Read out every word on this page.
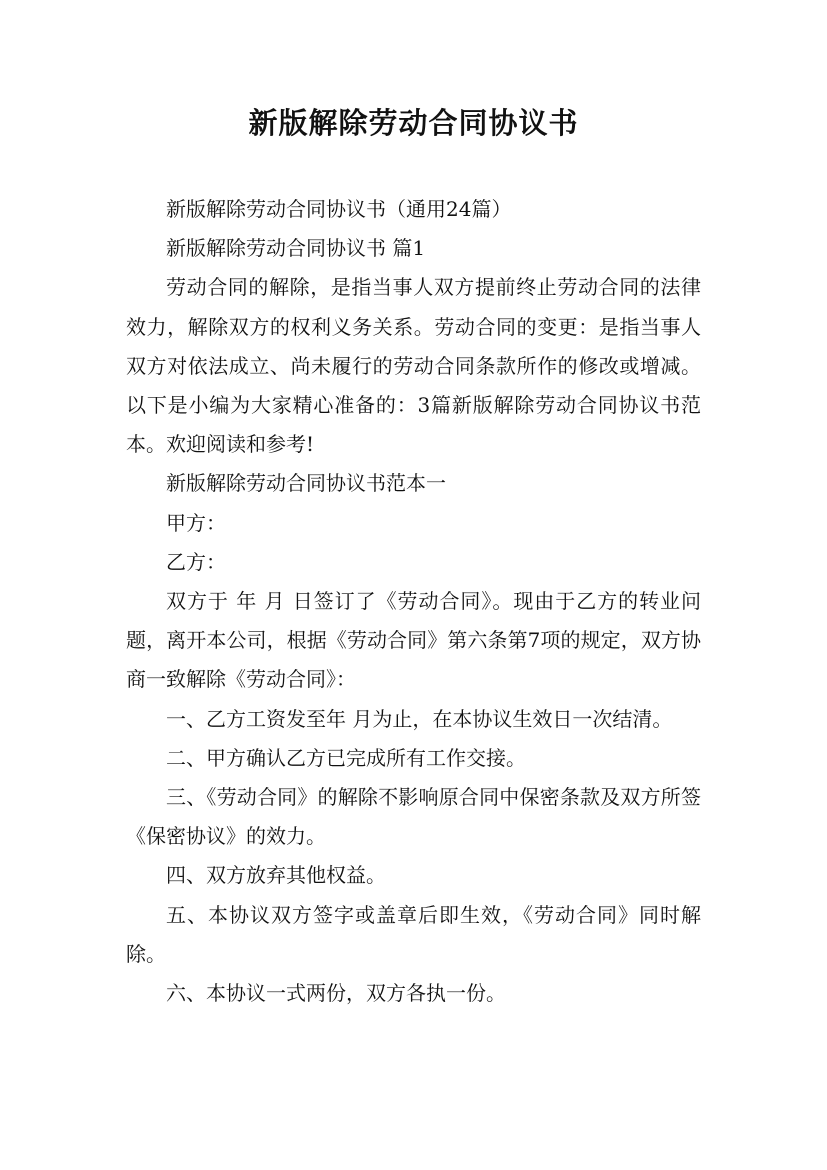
新版解除劳动合同协议书

新版解除劳动合同协议书（通用24篇）

新版解除劳动合同协议书 篇1

劳动合同的解除，是指当事人双方提前终止劳动合同的法律效力，解除双方的权利义务关系。劳动合同的变更：是指当事人双方对依法成立、尚未履行的劳动合同条款所作的修改或增减。以下是小编为大家精心准备的：3篇新版解除劳动合同协议书范本。欢迎阅读和参考!

新版解除劳动合同协议书范本一

甲方：

乙方：

双方于 年 月 日签订了《劳动合同》。现由于乙方的转业问题，离开本公司，根据《劳动合同》第六条第7项的规定，双方协商一致解除《劳动合同》：

一、乙方工资发至年 月为止，在本协议生效日一次结清。

二、甲方确认乙方已完成所有工作交接。

三、《劳动合同》的解除不影响原合同中保密条款及双方所签《保密协议》的效力。

四、双方放弃其他权益。

五、本协议双方签字或盖章后即生效，《劳动合同》同时解除。

六、本协议一式两份，双方各执一份。
